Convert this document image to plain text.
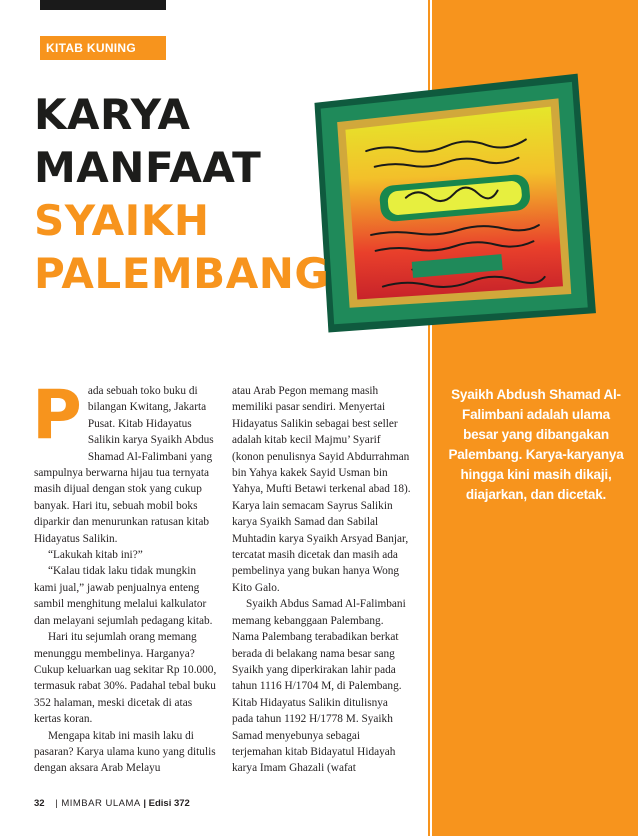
KITAB KUNING
KARYA
MANFAAT
SYAIKH
PALEMBANG
Syaikh Abdush Shamad Al-Falimbani adalah ulama besar yang dibangakan Palembang. Karya-karyanya hingga kini masih dikaji, diajarkan, dan dicetak.
P ada sebuah toko buku di bilangan Kwitang, Jakarta Pusat. Kitab Hidayatus Salikin karya Syaikh Abdus Shamad Al-Falimbani yang sampulnya berwarna hijau tua ternyata masih dijual dengan stok yang cukup banyak. Hari itu, sebuah mobil boks diparkir dan menurunkan ratusan kitab Hidayatus Salikin.

“Lakukah kitab ini?”

“Kalau tidak laku tidak mungkin kami jual,” jawab penjualnya enteng sambil menghitung melalui kalkulator dan melayani sejumlah pedagang kitab.

Hari itu sejumlah orang memang menunggu membelinya. Harganya? Cukup keluarkan uag sekitar Rp 10.000, termasuk rabat 30%. Padahal tebal buku 352 halaman, meski dicetak di atas kertas koran.

Mengapa kitab ini masih laku di pasaran? Karya ulama kuno yang ditulis dengan aksara Arab Melayu

atau Arab Pegon memang masih memiliki pasar sendiri. Menyertai Hidayatus Salikin sebagai best seller adalah kitab kecil Majmu’ Syarif (konon penulisnya Sayid Abdurrahman bin Yahya kakek Sayid Usman bin Yahya, Mufti Betawi terkenal abad 18). Karya lain semacam Sayrus Salikin karya Syaikh Samad dan Sabilal Muhtadin karya Syaikh Arsyad Banjar, tercatat masih dicetak dan masih ada pembelinya yang bukan hanya Wong Kito Galo.

Syaikh Abdus Samad Al-Falimbani memang kebanggaan Palembang. Nama Palembang terabadikan berkat berada di belakang nama besar sang Syaikh yang diperkirakan lahir pada tahun 1116 H/1704 M, di Palembang. Kitab Hidayatus Salikin ditulisnya pada tahun 1192 H/1778 M. Syaikh Samad menyebunya sebagai terjemahan kitab Bidayatul Hidayah karya Imam Ghazali (wafat

32 | MIMBAR ULAMA | Edisi 372
